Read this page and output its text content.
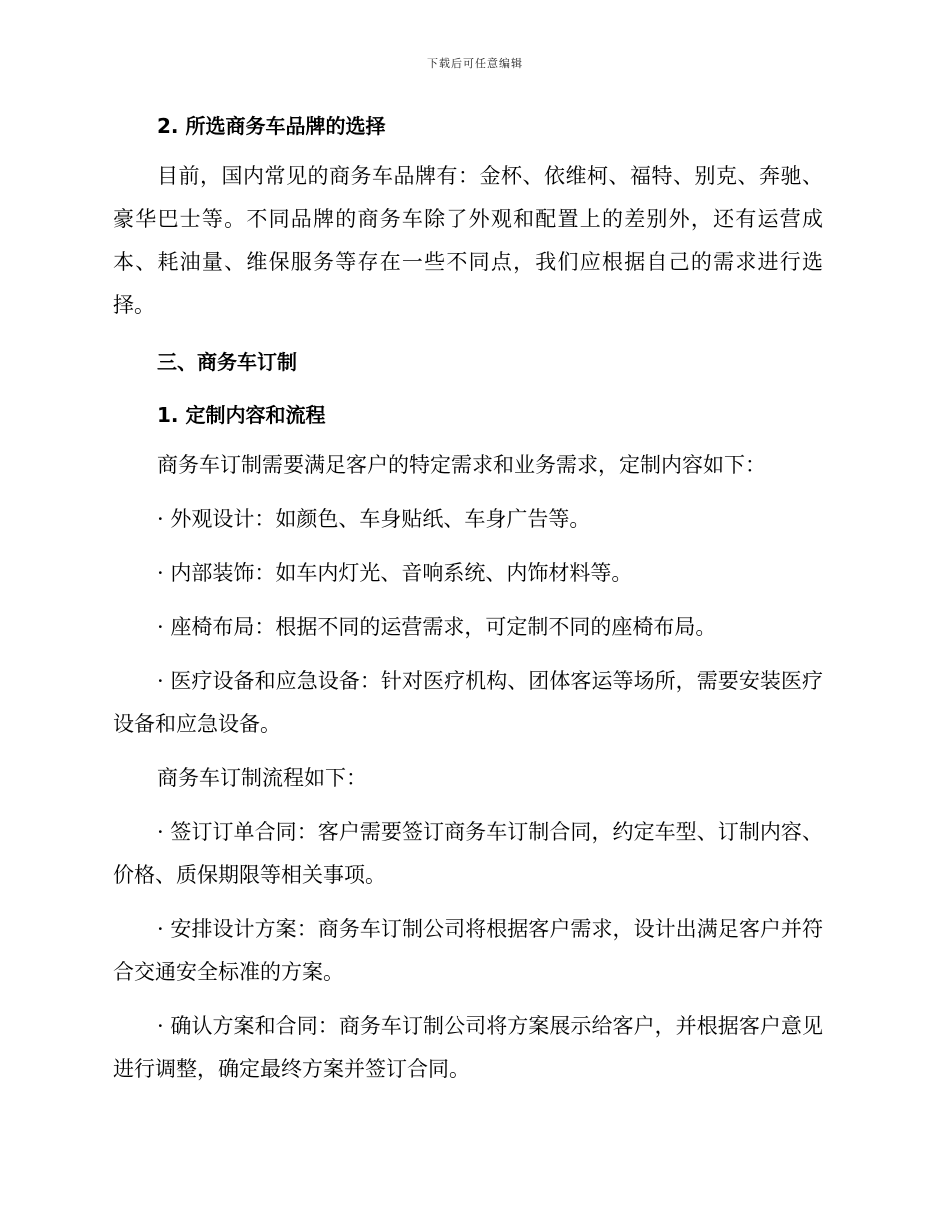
下载后可任意编辑

2. 所选商务车品牌的选择

目前，国内常见的商务车品牌有：金杯、依维柯、福特、别克、奔驰、豪华巴士等。不同品牌的商务车除了外观和配置上的差别外，还有运营成本、耗油量、维保服务等存在一些不同点，我们应根据自己的需求进行选择。

三、商务车订制

1. 定制内容和流程

商务车订制需要满足客户的特定需求和业务需求，定制内容如下：

· 外观设计：如颜色、车身贴纸、车身广告等。

· 内部装饰：如车内灯光、音响系统、内饰材料等。

· 座椅布局：根据不同的运营需求，可定制不同的座椅布局。

· 医疗设备和应急设备：针对医疗机构、团体客运等场所，需要安装医疗设备和应急设备。

商务车订制流程如下：

· 签订订单合同：客户需要签订商务车订制合同，约定车型、订制内容、价格、质保期限等相关事项。

· 安排设计方案：商务车订制公司将根据客户需求，设计出满足客户并符合交通安全标准的方案。

· 确认方案和合同：商务车订制公司将方案展示给客户，并根据客户意见进行调整，确定最终方案并签订合同。
